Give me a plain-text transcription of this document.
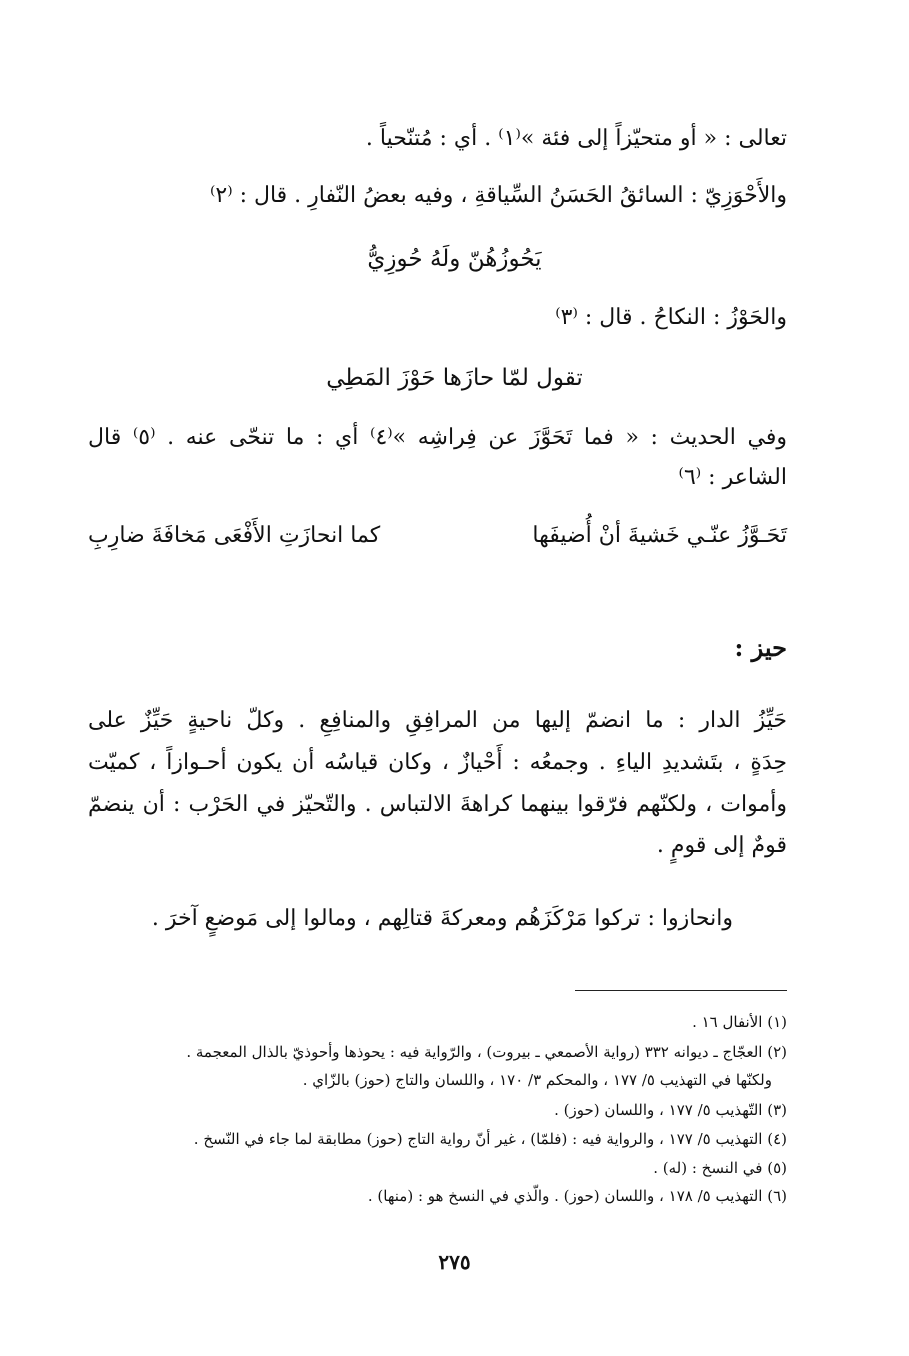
تعالى : « أو متحيّزاً إلى فئة »⁽١⁾ . أي : مُتنّحياً .
والأَحْوَزِيّ : السائقُ الحَسَنُ السِّياقةِ ، وفيه بعضُ النّفارِ . قال : ⁽٢⁾
يَحُوزُهُنّ ولَهُ حُوزِيُّ
والحَوْزُ : النكاحُ . قال : ⁽٣⁾
تقول لمّا حازَها حَوْزَ المَطِي
وفي الحديث : « فما تَحَوَّزَ عن فِراشِه »⁽٤⁾ أي : ما تنحّى عنه . ⁽٥⁾ قال
الشاعر : ⁽٦⁾
تَحَـوَّزُ عنّـي خَشيةَ أنْ أُضيفَها
كما انحازَتِ الأَفْعَى مَخافَةَ ضارِبِ
حيز :
حَيِّزُ الدار : ما انضمّ إليها من المرافِقِ والمنافِعِ . وكلّ ناحيةٍ حَيِّزٌ على
حِدَةٍ ، بتَشديدِ الياءِ . وجمعُه : أَحْيازٌ ، وكان قياسُه أن يكون أحـوازاً ، كميّت
وأموات ، ولكنّهم فرّقوا بينهما كراهةَ الالتباس . والتّحيّز في الحَرْب : أن ينضمّ
قومٌ إلى قومٍ .
وانحازوا : تركوا مَرْكَزَهُم ومعركةَ قتالِهم ، ومالوا إلى مَوضعٍ آخرَ .
(١) الأنفال ١٦ .
(٢) العجّاج ـ ديوانه ٣٣٢ (رواية الأصمعي ـ بيروت) ، والرّواية فيه : يحوذها وأحوذيّ بالذال المعجمة .
ولكنّها في التهذيب ٥/ ١٧٧ ، والمحكم ٣/ ١٧٠ ، واللسان والتاج (حوز) بالزّاي .
(٣) التّهذيب ٥/ ١٧٧ ، واللسان (حوز) .
(٤) التهذيب ٥/ ١٧٧ ، والرواية فيه : (فلمّا) ، غير أنّ رواية التاج (حوز) مطابقة لما جاء في النّسخ .
(٥) في النسخ : (له) .
(٦) التهذيب ٥/ ١٧٨ ، واللسان (حوز) . والّذي في النسخ هو : (منها) .
٢٧٥
